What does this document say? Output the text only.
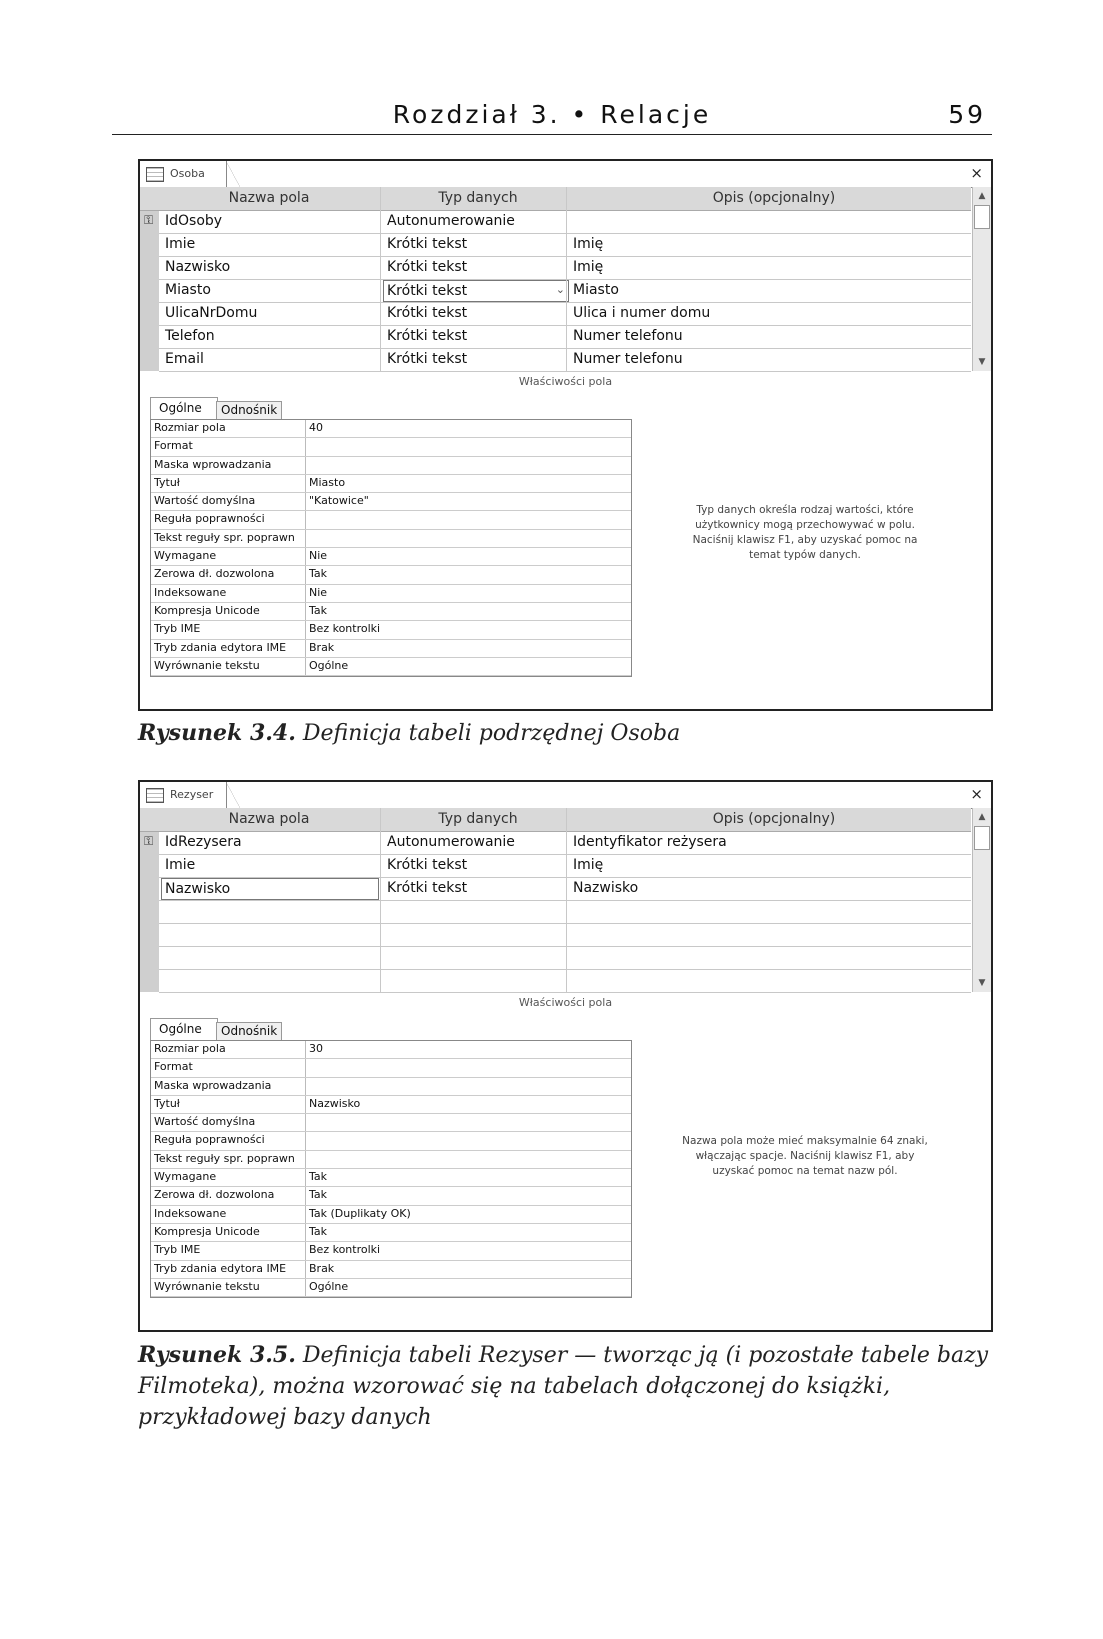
Rozdział 3. • Relacje	59
Osoba	×
Nazwa pola	Typ danych	Opis (opcjonalny)
⚿ IdOsoby	Autonumerowanie
Imie	Krótki tekst	Imię
Nazwisko	Krótki tekst	Imię
Miasto	Krótki tekst	⌄ Miasto
UlicaNrDomu	Krótki tekst	Ulica i numer domu
Telefon	Krótki tekst	Numer telefonu
Email	Krótki tekst	Numer telefonu
▲
▼
Właściwości pola
Ogólne Odnośnik
Rozmiar pola	40
Format
Maska wprowadzania
Tytuł	Miasto
Wartość domyślna	"Katowice"
Reguła poprawności
Tekst reguły spr. poprawn
Wymagane	Nie
Zerowa dł. dozwolona	Tak
Indeksowane	Nie
Kompresja Unicode	Tak
Tryb IME	Bez kontrolki
Tryb zdania edytora IME	Brak
Wyrównanie tekstu	Ogólne
Typ danych określa rodzaj wartości, które
użytkownicy mogą przechowywać w polu.
Naciśnij klawisz F1, aby uzyskać pomoc na
temat typów danych.
Rysunek 3.4. Definicja tabeli podrzędnej Osoba
Rezyser	×
Nazwa pola	Typ danych	Opis (opcjonalny)
⚿ IdRezysera	Autonumerowanie	Identyfikator reżysera
Imie	Krótki tekst	Imię
Nazwisko	Krótki tekst	Nazwisko
▲
▼
Właściwości pola
Ogólne Odnośnik
Rozmiar pola	30
Format
Maska wprowadzania
Tytuł	Nazwisko
Wartość domyślna
Reguła poprawności
Tekst reguły spr. poprawn
Wymagane	Tak
Zerowa dł. dozwolona	Tak
Indeksowane	Tak (Duplikaty OK)
Kompresja Unicode	Tak
Tryb IME	Bez kontrolki
Tryb zdania edytora IME	Brak
Wyrównanie tekstu	Ogólne
Nazwa pola może mieć maksymalnie 64 znaki,
włączając spacje. Naciśnij klawisz F1, aby
uzyskać pomoc na temat nazw pól.
Rysunek 3.5. Definicja tabeli Rezyser — tworząc ją (i pozostałe tabele bazy Filmoteka), można wzorować się na tabelach dołączonej do książki, przykładowej bazy danych
